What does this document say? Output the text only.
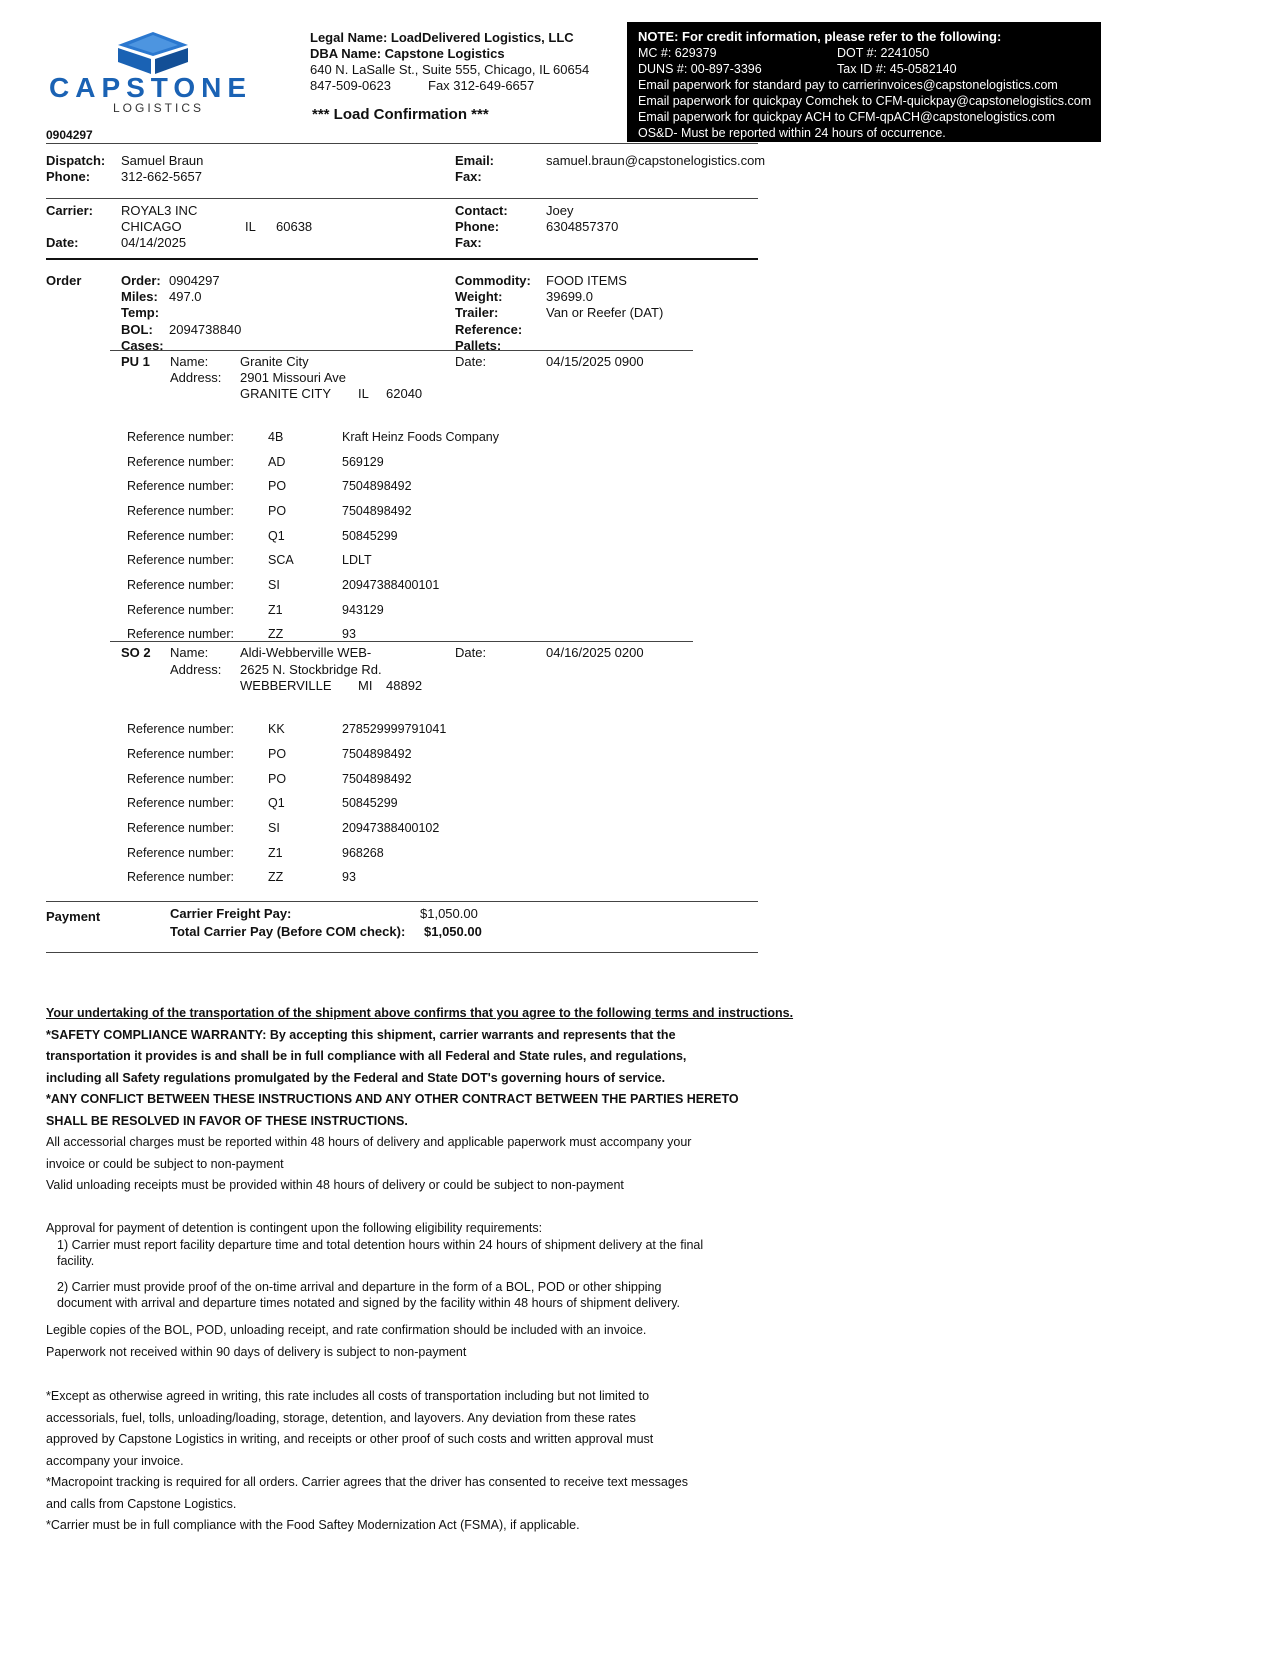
CAPSTONE
LOGISTICS
Legal Name: LoadDelivered Logistics, LLC
DBA Name: Capstone Logistics
640 N. LaSalle St., Suite 555, Chicago, IL 60654
847-509-0623	Fax 312-649-6657
*** Load Confirmation ***
0904297
NOTE: For credit information, please refer to the following:
MC #: 629379	DOT #: 2241050
DUNS #: 00-897-3396	Tax ID #: 45-0582140
Email paperwork for standard pay to carrierinvoices@capstonelogistics.com
Email paperwork for quickpay Comchek to CFM-quickpay@capstonelogistics.com
Email paperwork for quickpay ACH to CFM-qpACH@capstonelogistics.com
OS&D- Must be reported within 24 hours of occurrence.
Dispatch: Samuel Braun
Phone: 312-662-5657
Email:	samuel.braun@capstonelogistics.com
Fax:
Carrier: ROYAL3 INC
CHICAGO	IL 60638
Date:	04/14/2025
Contact:	Joey
Phone:	6304857370
Fax:
Order	Order: 0904297
Miles: 497.0
Temp:
BOL: 2094738840
Cases:
Commodity: FOOD ITEMS
Weight:	39699.0
Trailer:	Van or Reefer (DAT)
Reference:
Pallets:
PU 1 Name: Granite City
Address: 2901 Missouri Ave
GRANITE CITY IL 62040
Date:	04/15/2025 0900
Reference number:	4B	Kraft Heinz Foods Company
Reference number:	AD	569129
Reference number:	PO	7504898492
Reference number:	PO	7504898492
Reference number:	Q1	50845299
Reference number:	SCA	LDLT
Reference number:	SI	20947388400101
Reference number:	Z1	943129
Reference number:	ZZ	93
SO 2 Name: Aldi-Webberville WEB-
Address: 2625 N. Stockbridge Rd.
WEBBERVILLE MI 48892
Date:	04/16/2025 0200
Reference number:	KK	278529999791041
Reference number:	PO	7504898492
Reference number:	PO	7504898492
Reference number:	Q1	50845299
Reference number:	SI	20947388400102
Reference number:	Z1	968268
Reference number:	ZZ	93
Payment	Carrier Freight Pay:	$1,050.00
Total Carrier Pay (Before COM check): $1,050.00
Your undertaking of the transportation of the shipment above confirms that you agree to the following terms and instructions.
*SAFETY COMPLIANCE WARRANTY: By accepting this shipment, carrier warrants and represents that the
transportation it provides is and shall be in full compliance with all Federal and State rules, and regulations,
including all Safety regulations promulgated by the Federal and State DOT's governing hours of service.
*ANY CONFLICT BETWEEN THESE INSTRUCTIONS AND ANY OTHER CONTRACT BETWEEN THE PARTIES HERETO
SHALL BE RESOLVED IN FAVOR OF THESE INSTRUCTIONS.
All accessorial charges must be reported within 48 hours of delivery and applicable paperwork must accompany your
invoice or could be subject to non-payment
Valid unloading receipts must be provided within 48 hours of delivery or could be subject to non-payment
Approval for payment of detention is contingent upon the following eligibility requirements:
1) Carrier must report facility departure time and total detention hours within 24 hours of shipment delivery at the final
facility.
2) Carrier must provide proof of the on-time arrival and departure in the form of a BOL, POD or other shipping
document with arrival and departure times notated and signed by the facility within 48 hours of shipment delivery.
Legible copies of the BOL, POD, unloading receipt, and rate confirmation should be included with an invoice.
Paperwork not received within 90 days of delivery is subject to non-payment
*Except as otherwise agreed in writing, this rate includes all costs of transportation including but not limited to
accessorials, fuel, tolls, unloading/loading, storage, detention, and layovers. Any deviation from these rates
approved by Capstone Logistics in writing, and receipts or other proof of such costs and written approval must
accompany your invoice.
*Macropoint tracking is required for all orders. Carrier agrees that the driver has consented to receive text messages
and calls from Capstone Logistics.
*Carrier must be in full compliance with the Food Saftey Modernization Act (FSMA), if applicable.
